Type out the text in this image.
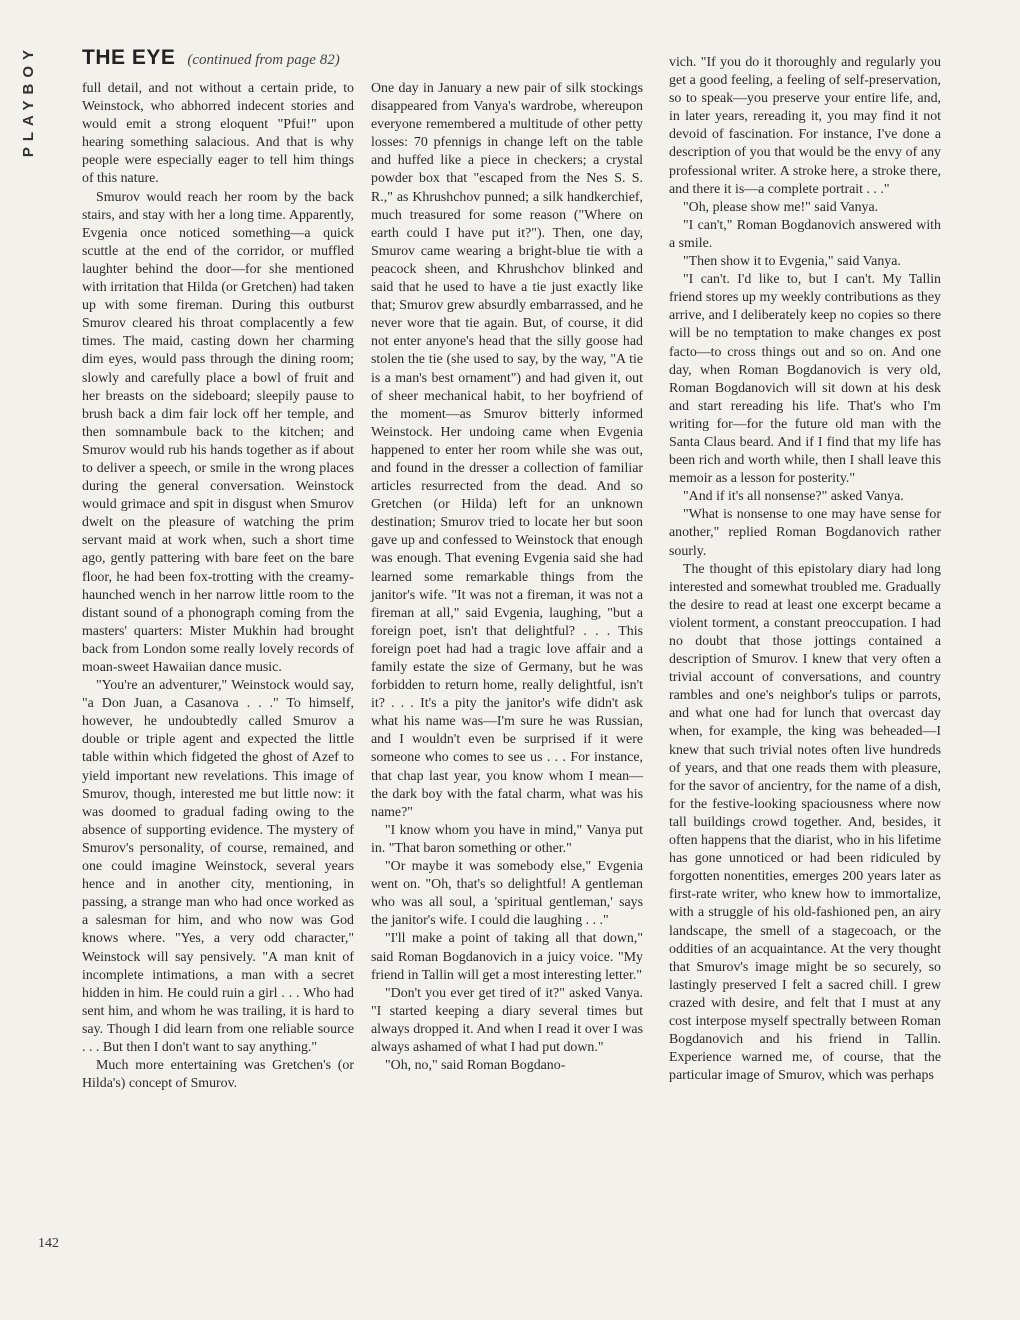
PLAYBOY THE EYE (continued from page 82)

full detail, and not without a certain pride, to Weinstock, who abhorred indecent stories and would emit a strong eloquent "Pfui!" upon hearing something salacious. And that is why people were especially eager to tell him things of this nature.

Smurov would reach her room by the back stairs, and stay with her a long time. Apparently, Evgenia once noticed something—a quick scuttle at the end of the corridor, or muffled laughter behind the door—for she mentioned with irritation that Hilda (or Gretchen) had taken up with some fireman. During this outburst Smurov cleared his throat complacently a few times. The maid, casting down her charming dim eyes, would pass through the dining room; slowly and carefully place a bowl of fruit and her breasts on the sideboard; sleepily pause to brush back a dim fair lock off her temple, and then somnambule back to the kitchen; and Smurov would rub his hands together as if about to deliver a speech, or smile in the wrong places during the general conversation. Weinstock would grimace and spit in disgust when Smurov dwelt on the pleasure of watching the prim servant maid at work when, such a short time ago, gently pattering with bare feet on the bare floor, he had been fox-trotting with the creamy-haunched wench in her narrow little room to the distant sound of a phonograph coming from the masters' quarters: Mister Mukhin had brought back from London some really lovely records of moan-sweet Hawaiian dance music.

"You're an adventurer," Weinstock would say, "a Don Juan, a Casanova . . ." To himself, however, he undoubtedly called Smurov a double or triple agent and expected the little table within which fidgeted the ghost of Azef to yield important new revelations. This image of Smurov, though, interested me but little now: it was doomed to gradual fading owing to the absence of supporting evidence. The mystery of Smurov's personality, of course, remained, and one could imagine Weinstock, several years hence and in another city, mentioning, in passing, a strange man who had once worked as a salesman for him, and who now was God knows where. "Yes, a very odd character," Weinstock will say pensively. "A man knit of incomplete intimations, a man with a secret hidden in him. He could ruin a girl . . . Who had sent him, and whom he was trailing, it is hard to say. Though I did learn from one reliable source . . . But then I don't want to say anything."

Much more entertaining was Gretchen's (or Hilda's) concept of Smurov.

One day in January a new pair of silk stockings disappeared from Vanya's wardrobe, whereupon everyone remembered a multitude of other petty losses: 70 pfennigs in change left on the table and huffed like a piece in checkers; a crystal powder box that "escaped from the Nes S. S. R.," as Khrushchov punned; a silk handkerchief, much treasured for some reason ("Where on earth could I have put it?"). Then, one day, Smurov came wearing a bright-blue tie with a peacock sheen, and Khrushchov blinked and said that he used to have a tie just exactly like that; Smurov grew absurdly embarrassed, and he never wore that tie again. But, of course, it did not enter anyone's head that the silly goose had stolen the tie (she used to say, by the way, "A tie is a man's best ornament") and had given it, out of sheer mechanical habit, to her boyfriend of the moment—as Smurov bitterly informed Weinstock. Her undoing came when Evgenia happened to enter her room while she was out, and found in the dresser a collection of familiar articles resurrected from the dead. And so Gretchen (or Hilda) left for an unknown destination; Smurov tried to locate her but soon gave up and confessed to Weinstock that enough was enough. That evening Evgenia said she had learned some remarkable things from the janitor's wife. "It was not a fireman, it was not a fireman at all," said Evgenia, laughing, "but a foreign poet, isn't that delightful? . . . This foreign poet had had a tragic love affair and a family estate the size of Germany, but he was forbidden to return home, really delightful, isn't it? . . . It's a pity the janitor's wife didn't ask what his name was—I'm sure he was Russian, and I wouldn't even be surprised if it were someone who comes to see us . . . For instance, that chap last year, you know whom I mean—the dark boy with the fatal charm, what was his name?"

"I know whom you have in mind," Vanya put in. "That baron something or other."

"Or maybe it was somebody else," Evgenia went on. "Oh, that's so delightful! A gentleman who was all soul, a 'spiritual gentleman,' says the janitor's wife. I could die laughing . . ."

"I'll make a point of taking all that down," said Roman Bogdanovich in a juicy voice. "My friend in Tallin will get a most interesting letter."

"Don't you ever get tired of it?" asked Vanya. "I started keeping a diary several times but always dropped it. And when I read it over I was always ashamed of what I had put down."

"Oh, no," said Roman Bogdano-

vich. "If you do it thoroughly and regularly you get a good feeling, a feeling of self-preservation, so to speak—you preserve your entire life, and, in later years, rereading it, you may find it not devoid of fascination. For instance, I've done a description of you that would be the envy of any professional writer. A stroke here, a stroke there, and there it is—a complete portrait . . ."

"Oh, please show me!" said Vanya.

"I can't," Roman Bogdanovich answered with a smile.

"Then show it to Evgenia," said Vanya.

"I can't. I'd like to, but I can't. My Tallin friend stores up my weekly contributions as they arrive, and I deliberately keep no copies so there will be no temptation to make changes ex post facto—to cross things out and so on. And one day, when Roman Bogdanovich is very old, Roman Bogdanovich will sit down at his desk and start rereading his life. That's who I'm writing for—for the future old man with the Santa Claus beard. And if I find that my life has been rich and worth while, then I shall leave this memoir as a lesson for posterity."

"And if it's all nonsense?" asked Vanya.

"What is nonsense to one may have sense for another," replied Roman Bogdanovich rather sourly.

The thought of this epistolary diary had long interested and somewhat troubled me. Gradually the desire to read at least one excerpt became a violent torment, a constant preoccupation. I had no doubt that those jottings contained a description of Smurov. I knew that very often a trivial account of conversations, and country rambles and one's neighbor's tulips or parrots, and what one had for lunch that overcast day when, for example, the king was beheaded—I knew that such trivial notes often live hundreds of years, and that one reads them with pleasure, for the savor of ancientry, for the name of a dish, for the festive-looking spaciousness where now tall buildings crowd together. And, besides, it often happens that the diarist, who in his lifetime has gone unnoticed or had been ridiculed by forgotten nonentities, emerges 200 years later as first-rate writer, who knew how to immortalize, with a struggle of his old-fashioned pen, an airy landscape, the smell of a stagecoach, or the oddities of an acquaintance. At the very thought that Smurov's image might be so securely, so lastingly preserved I felt a sacred chill. I grew crazed with desire, and felt that I must at any cost interpose myself spectrally between Roman Bogdanovich and his friend in Tallin. Experience warned me, of course, that the particular image of Smurov, which was perhaps

142
